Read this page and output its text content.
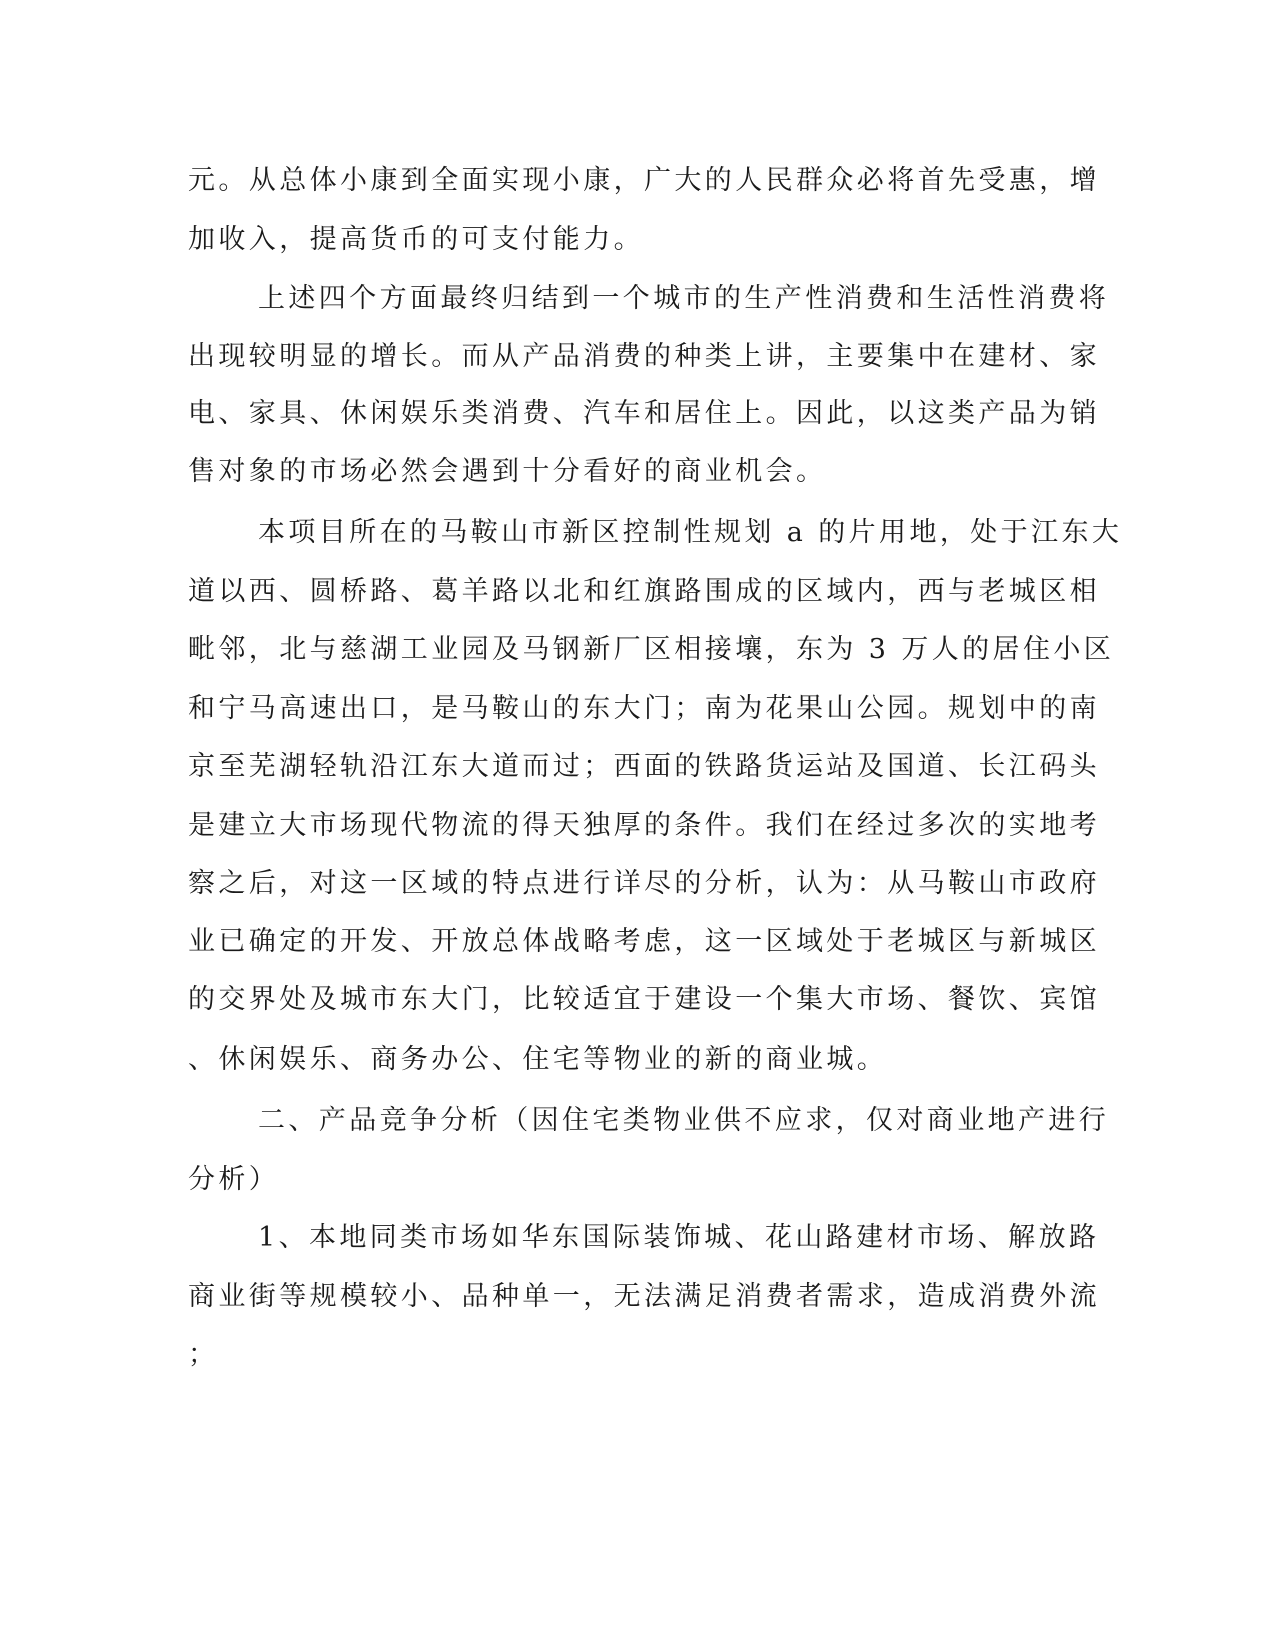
元。从总体小康到全面实现小康，广大的人民群众必将首先受惠，增
加收入，提高货币的可支付能力。
上述四个方面最终归结到一个城市的生产性消费和生活性消费将
出现较明显的增长。而从产品消费的种类上讲，主要集中在建材、家
电、家具、休闲娱乐类消费、汽车和居住上。因此，以这类产品为销
售对象的市场必然会遇到十分看好的商业机会。
本项目所在的马鞍山市新区控制性规划 a 的片用地，处于江东大
道以西、圆桥路、葛羊路以北和红旗路围成的区域内，西与老城区相
毗邻，北与慈湖工业园及马钢新厂区相接壤，东为 3 万人的居住小区
和宁马高速出口，是马鞍山的东大门；南为花果山公园。规划中的南
京至芜湖轻轨沿江东大道而过；西面的铁路货运站及国道、长江码头
是建立大市场现代物流的得天独厚的条件。我们在经过多次的实地考
察之后，对这一区域的特点进行详尽的分析，认为：从马鞍山市政府
业已确定的开发、开放总体战略考虑，这一区域处于老城区与新城区
的交界处及城市东大门，比较适宜于建设一个集大市场、餐饮、宾馆
、休闲娱乐、商务办公、住宅等物业的新的商业城。
二、产品竞争分析（因住宅类物业供不应求，仅对商业地产进行
分析）
1、本地同类市场如华东国际装饰城、花山路建材市场、解放路
商业街等规模较小、品种单一，无法满足消费者需求，造成消费外流
；
